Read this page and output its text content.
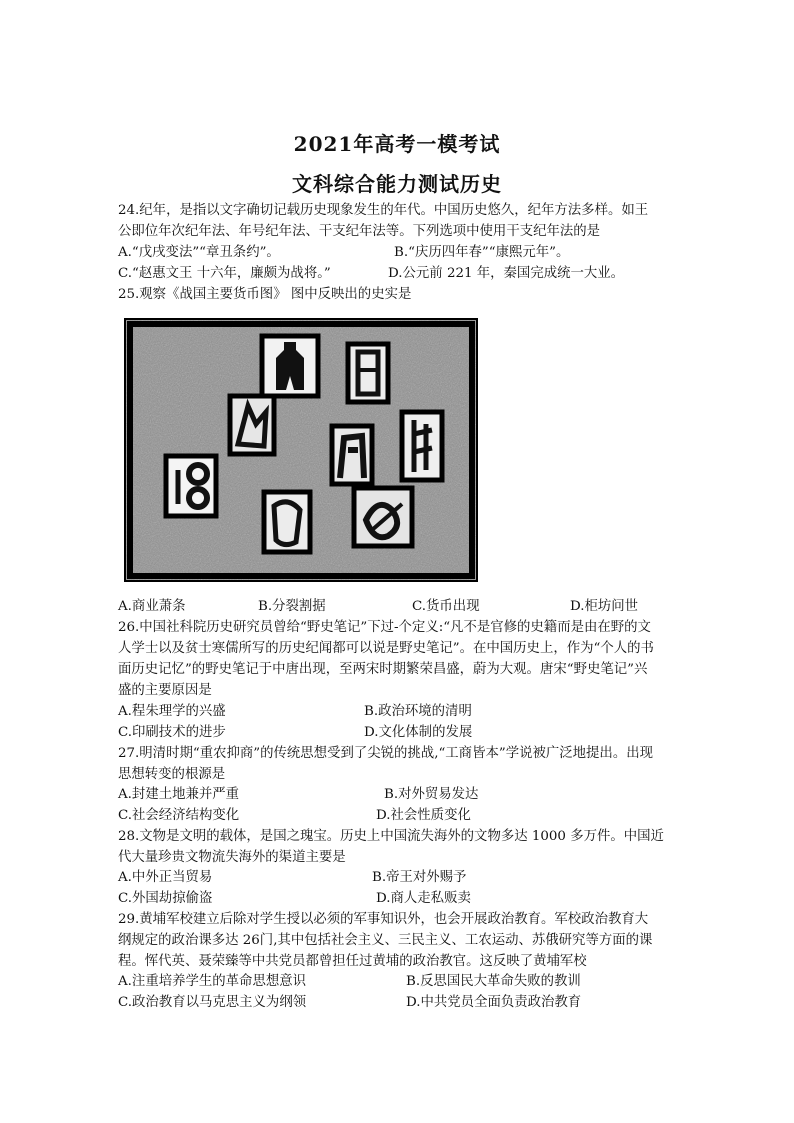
2021年高考一模考试
文科综合能力测试历史
24.纪年，是指以文字确切记载历史现象发生的年代。中国历史悠久，纪年方法多样。如王
公即位年次纪年法、年号纪年法、干支纪年法等。下列选项中使用干支纪年法的是
A.“戊戌变法”“章丑条约”。	B.“庆历四年春”“康熙元年”。
C.“赵惠文王 十六年，廉颇为战将。”	D.公元前 221 年，秦国完成统一大业。
25.观察《战国主要货币图》 图中反映出的史实是
A.商业萧条	B.分裂割据	C.货币出现	D.柜坊问世
26.中国社科院历史研究员曾给“野史笔记”下过-个定义:“凡不是官修的史籍而是由在野的文
人学士以及贫士寒儒所写的历史纪闻都可以说是野史笔记”。在中国历史上，作为“个人的书
面历史记忆”的野史笔记于中唐出现，至两宋时期繁荣昌盛，蔚为大观。唐宋“野史笔记”兴
盛的主要原因是
A.程朱理学的兴盛	B.政治环境的清明
C.印刷技术的进步	D.文化体制的发展
27.明清时期“重农抑商”的传统思想受到了尖锐的挑战,“工商皆本”学说被广泛地提出。出现
思想转变的根源是
A.封建土地兼并严重	B.对外贸易发达
C.社会经济结构变化	D.社会性质变化
28.文物是文明的载体，是国之瑰宝。历史上中国流失海外的文物多达 1000 多万件。中国近
代大量珍贵文物流失海外的渠道主要是
A.中外正当贸易	B.帝王对外赐予
C.外国劫掠偷盗	D.商人走私贩卖
29.黄埔军校建立后除对学生授以必须的军事知识外，也会开展政治教育。军校政治教育大
纲规定的政治课多达 26门,其中包括社会主义、三民主义、工农运动、苏俄研究等方面的课
程。恽代英、聂荣臻等中共党员都曾担任过黄埔的政治教官。这反映了黄埔军校
A.注重培养学生的革命思想意识	B.反思国民大革命失败的教训
C.政治教育以马克思主义为纲领	D.中共党员全面负责政治教育
